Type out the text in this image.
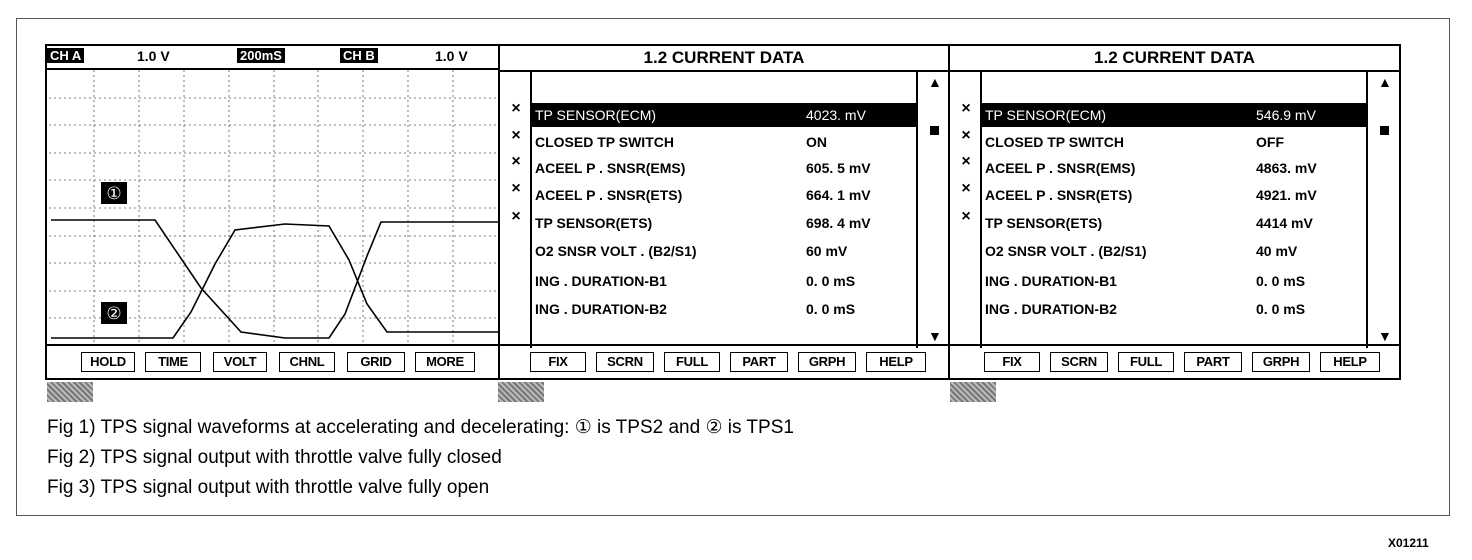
CH A	1.0 V	200mS	CH B	1.0 V
①
②
HOLD	TIME	VOLT	CHNL	GRID	MORE
1.2 CURRENT DATA
TP SENSOR(ECM)	4023. mV
CLOSED TP SWITCH	ON
ACEEL P . SNSR(EMS)	605. 5 mV
ACEEL P . SNSR(ETS)	664. 1 mV
TP SENSOR(ETS)	698. 4 mV
O2 SNSR VOLT . (B2/S1)	60 mV
ING . DURATION-B1	0. 0 mS
ING . DURATION-B2	0. 0 mS
×
×
×
×
×
▲
▼
FIX	SCRN	FULL	PART	GRPH	HELP
1.2 CURRENT DATA
TP SENSOR(ECM)	546.9 mV
CLOSED TP SWITCH	OFF
ACEEL P . SNSR(EMS)	4863. mV
ACEEL P . SNSR(ETS)	4921. mV
TP SENSOR(ETS)	4414 mV
O2 SNSR VOLT . (B2/S1)	40 mV
ING . DURATION-B1	0. 0 mS
ING . DURATION-B2	0. 0 mS
×
×
×
×
×
▲
▼
FIX	SCRN	FULL	PART	GRPH	HELP
Fig 1) TPS signal waveforms at accelerating and decelerating: ① is TPS2 and ② is TPS1
Fig 2) TPS signal output with throttle valve fully closed
Fig 3) TPS signal output with throttle valve fully open
X01211
